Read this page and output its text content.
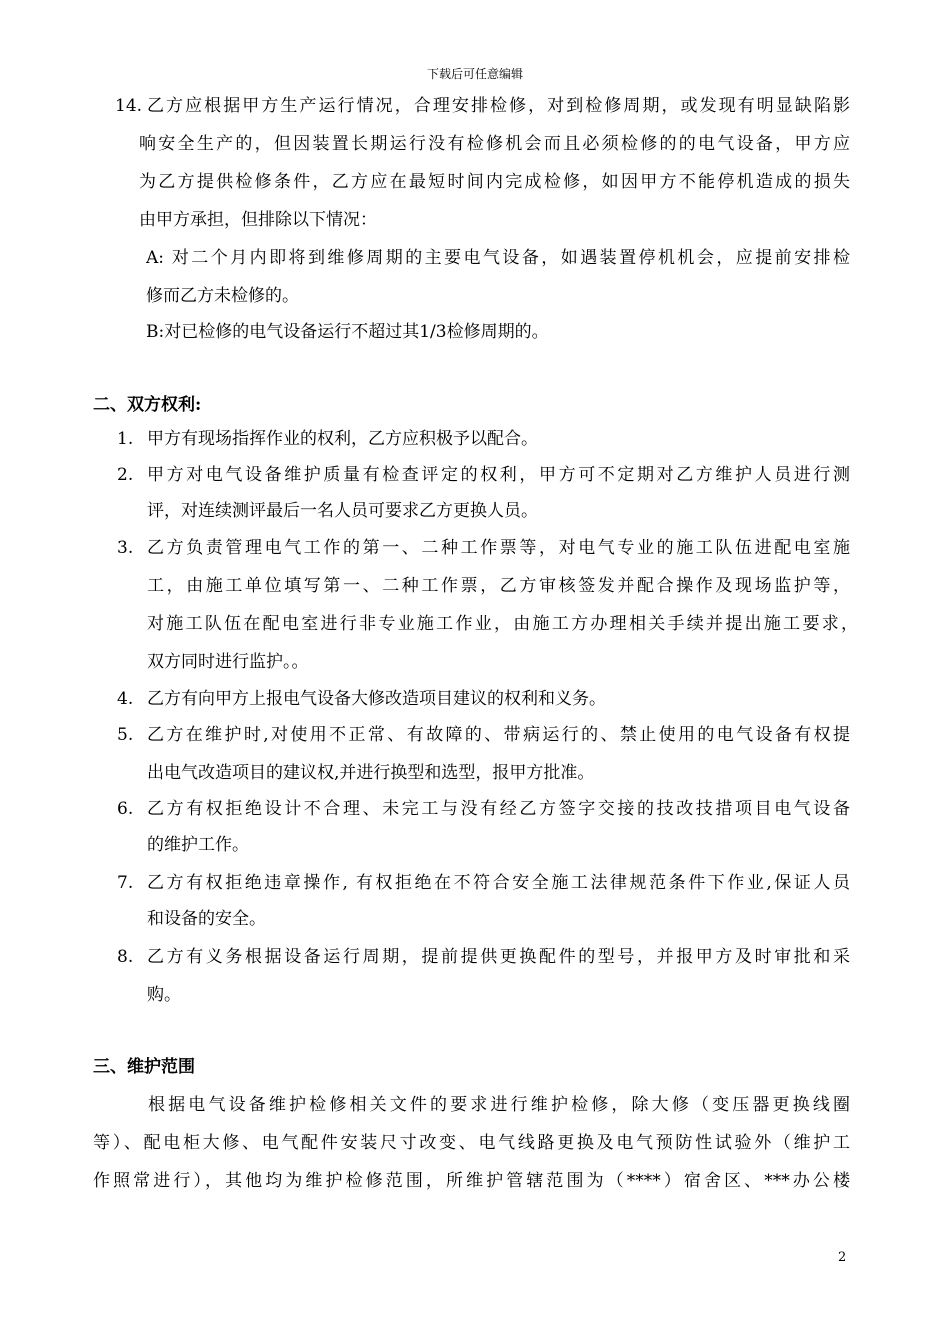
下载后可任意编辑
14. 乙方应根据甲方生产运行情况，合理安排检修，对到检修周期，或发现有明显缺陷影
响安全生产的，但因装置长期运行没有检修机会而且必须检修的的电气设备，甲方应
为乙方提供检修条件，乙方应在最短时间内完成检修，如因甲方不能停机造成的损失
由甲方承担，但排除以下情况：
A: 对二个月内即将到维修周期的主要电气设备，如遇装置停机机会，应提前安排检
修而乙方未检修的。
B:对已检修的电气设备运行不超过其1/3检修周期的。
二、双方权利:
1. 甲方有现场指挥作业的权利，乙方应积极予以配合。
2. 甲方对电气设备维护质量有检查评定的权利，甲方可不定期对乙方维护人员进行测
评，对连续测评最后一名人员可要求乙方更换人员。
3. 乙方负责管理电气工作的第一、二种工作票等，对电气专业的施工队伍进配电室施
工，由施工单位填写第一、二种工作票，乙方审核签发并配合操作及现场监护等，
对施工队伍在配电室进行非专业施工作业，由施工方办理相关手续并提出施工要求，
双方同时进行监护。。
4. 乙方有向甲方上报电气设备大修改造项目建议的权利和义务。
5. 乙方在维护时,对使用不正常、有故障的、带病运行的、禁止使用的电气设备有权提
出电气改造项目的建议权,并进行换型和选型，报甲方批准。
6. 乙方有权拒绝设计不合理、未完工与没有经乙方签字交接的技改技措项目电气设备
的维护工作。
7. 乙方有权拒绝违章操作, 有权拒绝在不符合安全施工法律规范条件下作业,保证人员
和设备的安全。
8. 乙方有义务根据设备运行周期，提前提供更换配件的型号，并报甲方及时审批和采
购。
三、维护范围
根据电气设备维护检修相关文件的要求进行维护检修，除大修（变压器更换线圈
等）、配电柜大修、电气配件安装尺寸改变、电气线路更换及电气预防性试验外（维护工
作照常进行），其他均为维护检修范围，所维护管辖范围为（****）宿舍区、***办公楼
2
